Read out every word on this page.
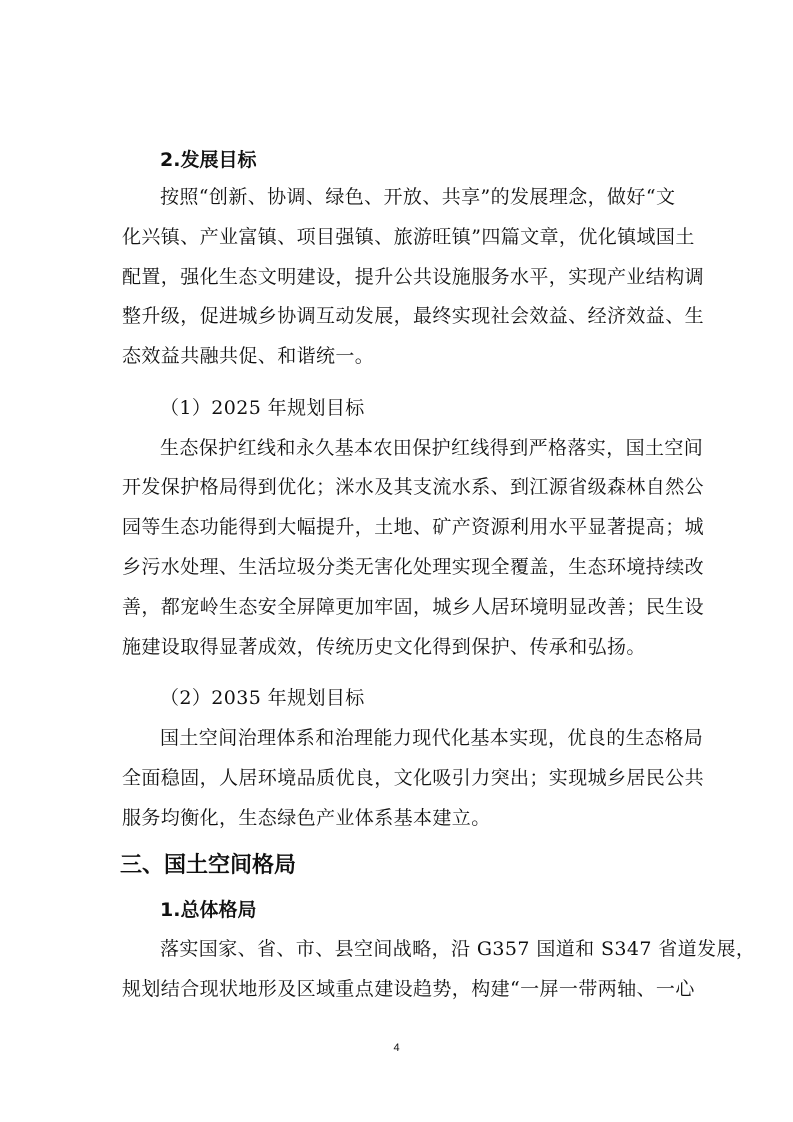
2.发展目标
按照“创新、协调、绿色、开放、共享”的发展理念，做好“文
化兴镇、产业富镇、项目强镇、旅游旺镇”四篇文章，优化镇域国土
配置，强化生态文明建设，提升公共设施服务水平，实现产业结构调
整升级，促进城乡协调互动发展，最终实现社会效益、经济效益、生
态效益共融共促、和谐统一。
（1）2025 年规划目标
生态保护红线和永久基本农田保护红线得到严格落实，国土空间
开发保护格局得到优化；洣水及其支流水系、到江源省级森林自然公
园等生态功能得到大幅提升，土地、矿产资源利用水平显著提高；城
乡污水处理、生活垃圾分类无害化处理实现全覆盖，生态环境持续改
善，都宠岭生态安全屏障更加牢固，城乡人居环境明显改善；民生设
施建设取得显著成效，传统历史文化得到保护、传承和弘扬。
（2）2035 年规划目标
国土空间治理体系和治理能力现代化基本实现，优良的生态格局
全面稳固，人居环境品质优良，文化吸引力突出；实现城乡居民公共
服务均衡化，生态绿色产业体系基本建立。
三、国土空间格局
1.总体格局
落实国家、省、市、县空间战略，沿 G357 国道和 S347 省道发展，
规划结合现状地形及区域重点建设趋势，构建“一屏一带两轴、一心
4
